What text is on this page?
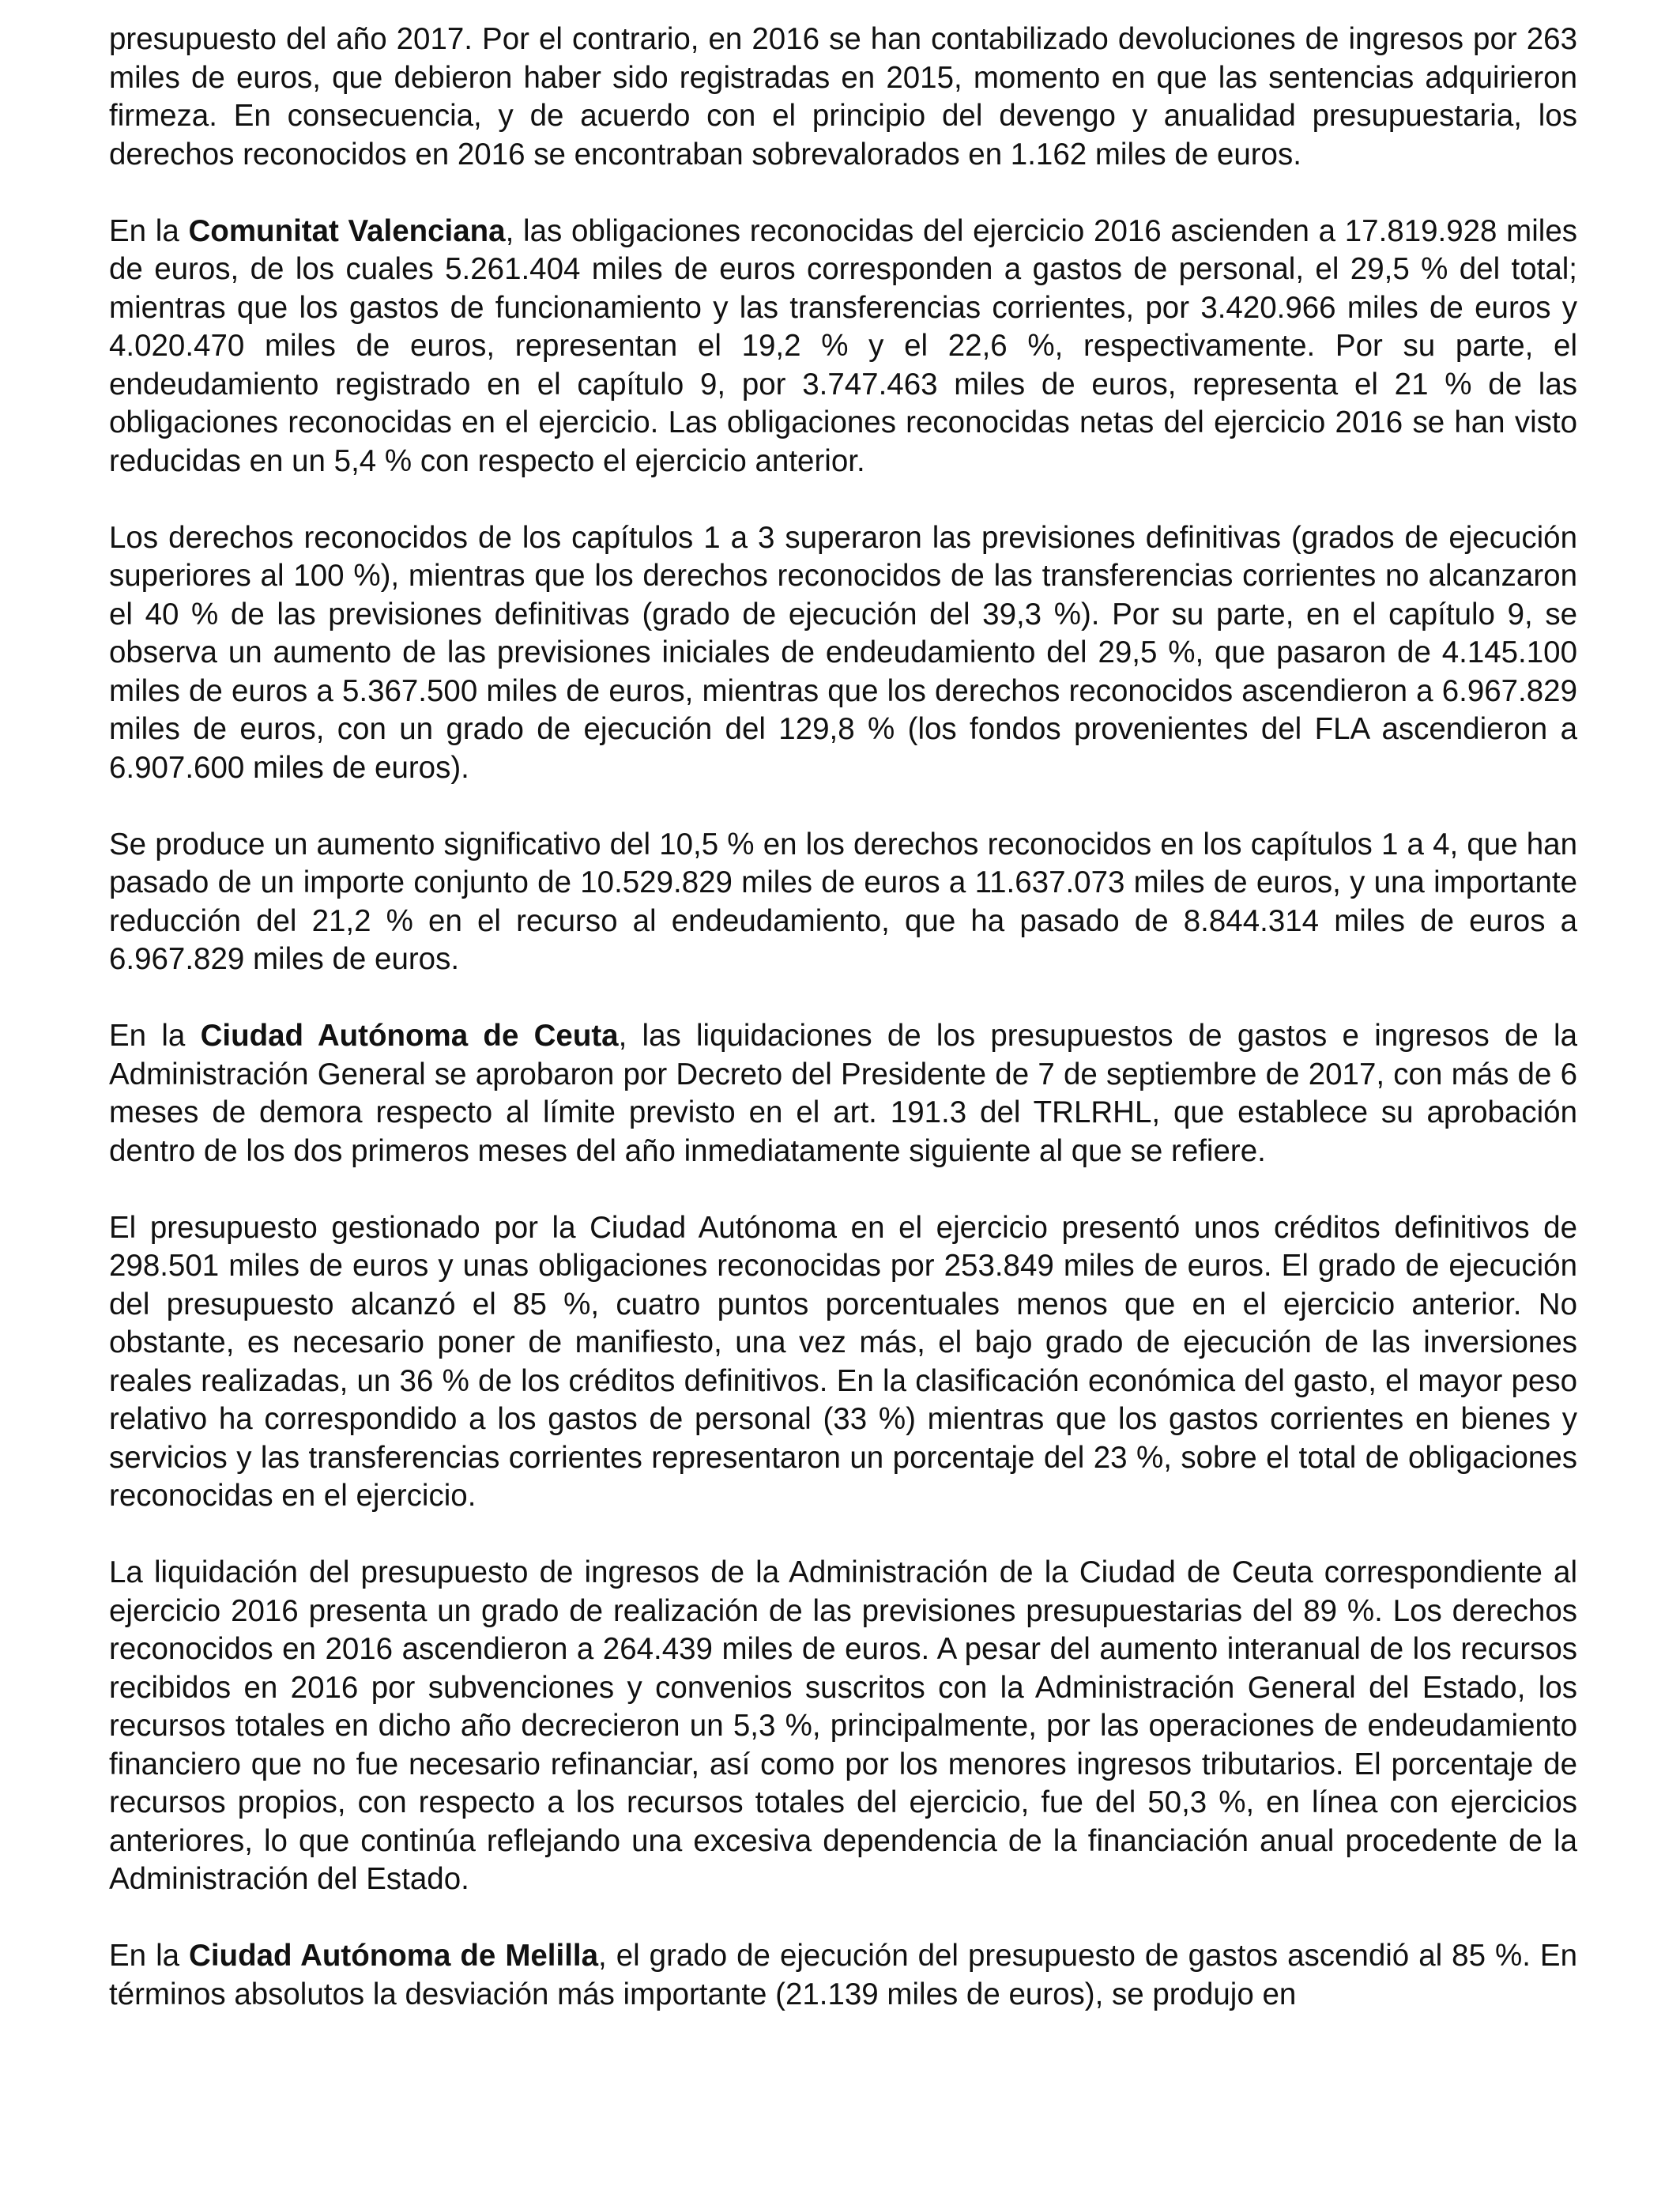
presupuesto del año 2017. Por el contrario, en 2016 se han contabilizado devoluciones de ingresos por 263 miles de euros, que debieron haber sido registradas en 2015, momento en que las sentencias adquirieron firmeza. En consecuencia, y de acuerdo con el principio del devengo y anualidad presupuestaria, los derechos reconocidos en 2016 se encontraban sobrevalorados en 1.162 miles de euros.

En la Comunitat Valenciana, las obligaciones reconocidas del ejercicio 2016 ascienden a 17.819.928 miles de euros, de los cuales 5.261.404 miles de euros corresponden a gastos de personal, el 29,5 % del total; mientras que los gastos de funcionamiento y las transferencias corrientes, por 3.420.966 miles de euros y 4.020.470 miles de euros, representan el 19,2 % y el 22,6 %, respectivamente. Por su parte, el endeudamiento registrado en el capítulo 9, por 3.747.463 miles de euros, representa el 21 % de las obligaciones reconocidas en el ejercicio. Las obligaciones reconocidas netas del ejercicio 2016 se han visto reducidas en un 5,4 % con respecto el ejercicio anterior.

Los derechos reconocidos de los capítulos 1 a 3 superaron las previsiones definitivas (grados de ejecución superiores al 100 %), mientras que los derechos reconocidos de las transferencias corrientes no alcanzaron el 40 % de las previsiones definitivas (grado de ejecución del 39,3 %). Por su parte, en el capítulo 9, se observa un aumento de las previsiones iniciales de endeudamiento del 29,5 %, que pasaron de 4.145.100 miles de euros a 5.367.500 miles de euros, mientras que los derechos reconocidos ascendieron a 6.967.829 miles de euros, con un grado de ejecución del 129,8 % (los fondos provenientes del FLA ascendieron a 6.907.600 miles de euros).

Se produce un aumento significativo del 10,5 % en los derechos reconocidos en los capítulos 1 a 4, que han pasado de un importe conjunto de 10.529.829 miles de euros a 11.637.073 miles de euros, y una importante reducción del 21,2 % en el recurso al endeudamiento, que ha pasado de 8.844.314 miles de euros a 6.967.829 miles de euros.

En la Ciudad Autónoma de Ceuta, las liquidaciones de los presupuestos de gastos e ingresos de la Administración General se aprobaron por Decreto del Presidente de 7 de septiembre de 2017, con más de 6 meses de demora respecto al límite previsto en el art. 191.3 del TRLRHL, que establece su aprobación dentro de los dos primeros meses del año inmediatamente siguiente al que se refiere.

El presupuesto gestionado por la Ciudad Autónoma en el ejercicio presentó unos créditos definitivos de 298.501 miles de euros y unas obligaciones reconocidas por 253.849 miles de euros. El grado de ejecución del presupuesto alcanzó el 85 %, cuatro puntos porcentuales menos que en el ejercicio anterior. No obstante, es necesario poner de manifiesto, una vez más, el bajo grado de ejecución de las inversiones reales realizadas, un 36 % de los créditos definitivos. En la clasificación económica del gasto, el mayor peso relativo ha correspondido a los gastos de personal (33 %) mientras que los gastos corrientes en bienes y servicios y las transferencias corrientes representaron un porcentaje del 23 %, sobre el total de obligaciones reconocidas en el ejercicio.

La liquidación del presupuesto de ingresos de la Administración de la Ciudad de Ceuta correspondiente al ejercicio 2016 presenta un grado de realización de las previsiones presupuestarias del 89 %. Los derechos reconocidos en 2016 ascendieron a 264.439 miles de euros. A pesar del aumento interanual de los recursos recibidos en 2016 por subvenciones y convenios suscritos con la Administración General del Estado, los recursos totales en dicho año decrecieron un 5,3 %, principalmente, por las operaciones de endeudamiento financiero que no fue necesario refinanciar, así como por los menores ingresos tributarios. El porcentaje de recursos propios, con respecto a los recursos totales del ejercicio, fue del 50,3 %, en línea con ejercicios anteriores, lo que continúa reflejando una excesiva dependencia de la financiación anual procedente de la Administración del Estado.

En la Ciudad Autónoma de Melilla, el grado de ejecución del presupuesto de gastos ascendió al 85 %. En términos absolutos la desviación más importante (21.139 miles de euros), se produjo en
